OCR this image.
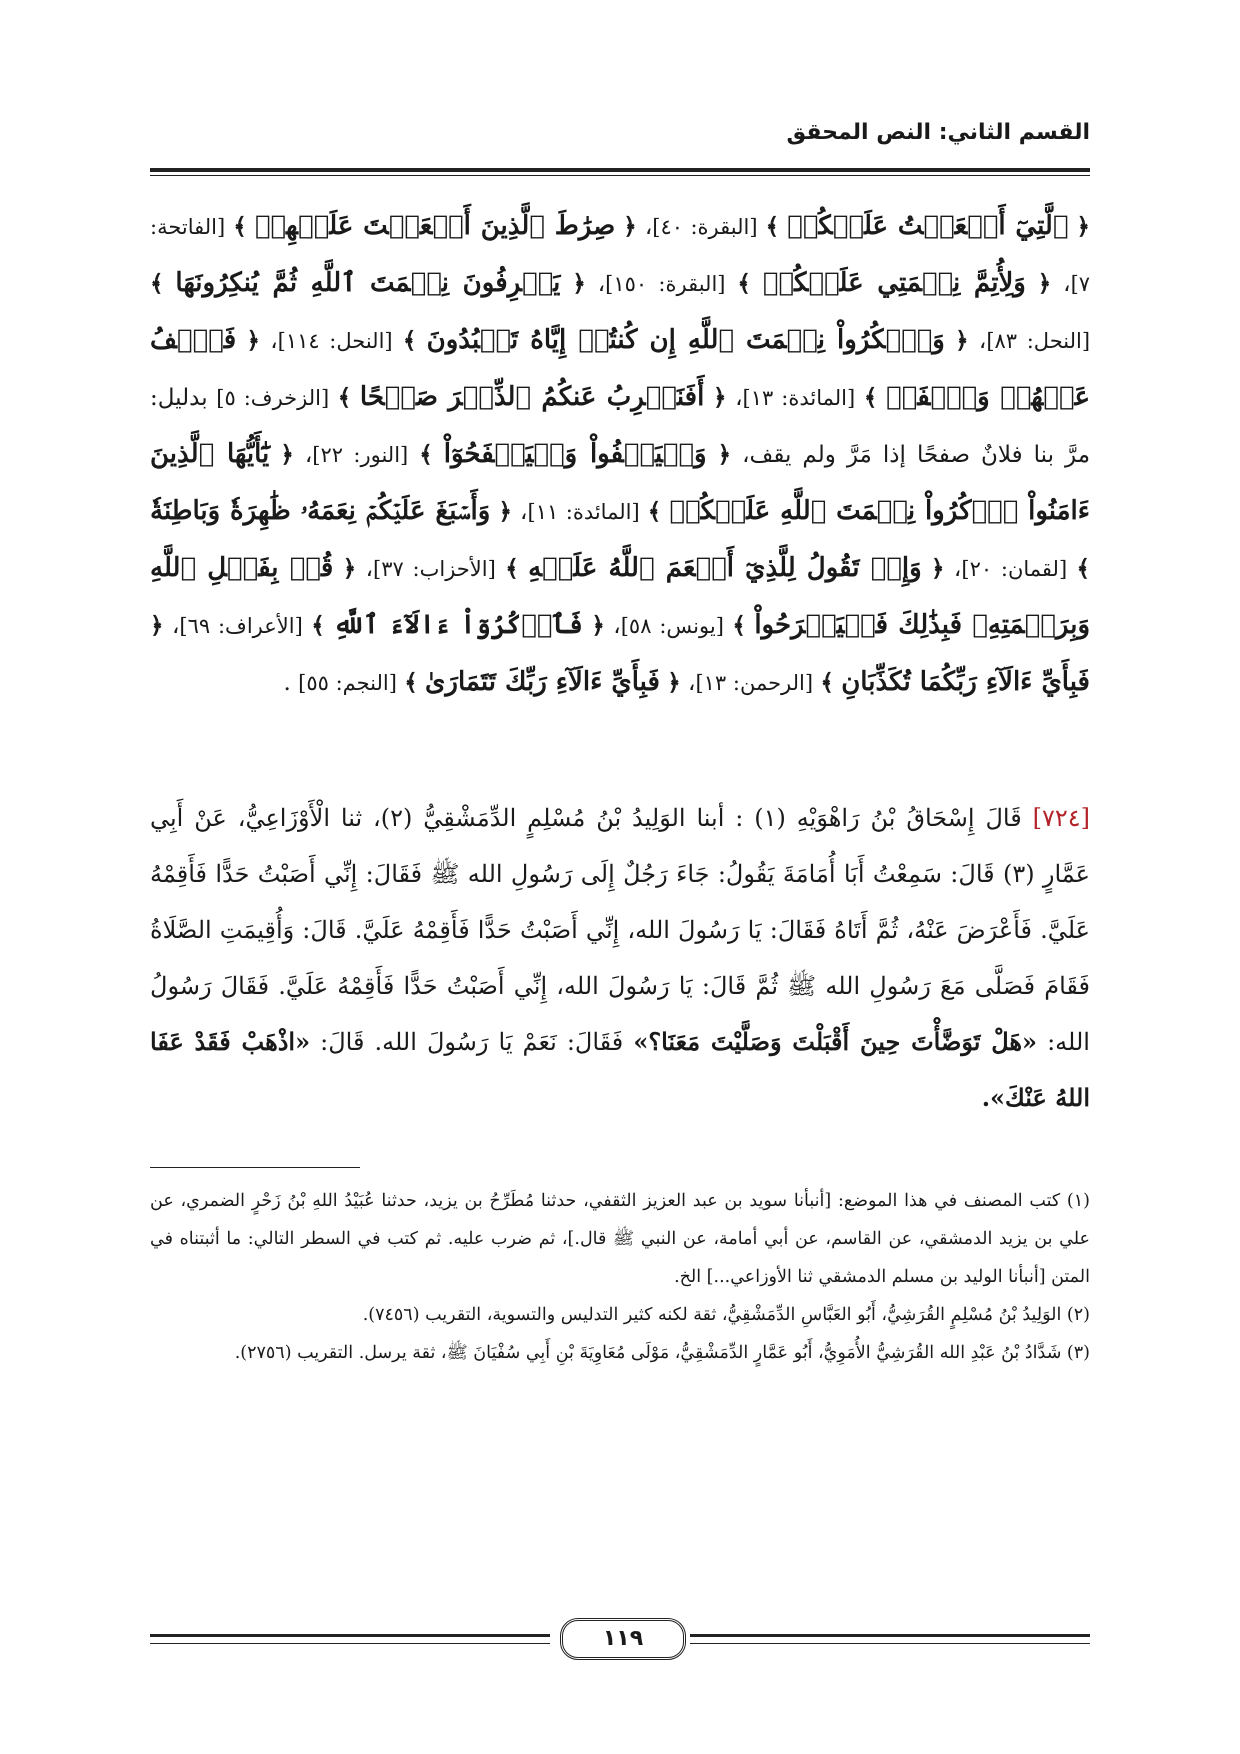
القسم الثاني: النص المحقق
﴿ ٱلَّتِيٓ أَنۡعَمۡتُ عَلَيۡكُمۡ ﴾ [البقرة: ٤٠]، ﴿ صِرَٰطَ ٱلَّذِينَ أَنۡعَمۡتَ عَلَيۡهِمۡ ﴾ [الفاتحة: ٧]، ﴿ وَلِأُتِمَّ نِعۡمَتِي عَلَيۡكُمۡ ﴾ [البقرة: ١٥٠]، ﴿ يَعۡرِفُونَ نِعۡمَتَ ٱللَّهِ ثُمَّ يُنكِرُونَهَا ﴾ [النحل: ٨٣]، ﴿ وَٱشۡكُرُواْ نِعۡمَتَ ٱللَّهِ إِن كُنتُمۡ إِيَّاهُ تَعۡبُدُونَ ﴾ [النحل: ١١٤]، ﴿ فَٱعۡفُ عَنۡهُمۡ وَٱصۡفَحۡ ﴾ [المائدة: ١٣]، ﴿ أَفَنَضۡرِبُ عَنكُمُ ٱلذِّكۡرَ صَفۡحًا ﴾ [الزخرف: ٥] بدليل: مرَّ بنا فلانٌ صفحًا إذا مَرَّ ولم يقف، ﴿ وَلۡيَعۡفُواْ وَلۡيَصۡفَحُوٓاْ ﴾ [النور: ٢٢]، ﴿ يَٰٓأَيُّهَا ٱلَّذِينَ ءَامَنُواْ ٱذۡكُرُواْ نِعۡمَتَ ٱللَّهِ عَلَيۡكُمۡ ﴾ [المائدة: ١١]، ﴿ وَأَسۡبَغَ عَلَيۡكُمۡ نِعَمَهُۥ ظَٰهِرَةٗ وَبَاطِنَةٗ ﴾ [لقمان: ٢٠]، ﴿ وَإِذۡ تَقُولُ لِلَّذِيٓ أَنۡعَمَ ٱللَّهُ عَلَيۡهِ ﴾ [الأحزاب: ٣٧]، ﴿ قُلۡ بِفَضۡلِ ٱللَّهِ وَبِرَحۡمَتِهِۦ فَبِذَٰلِكَ فَلۡيَفۡرَحُواْ ﴾ [يونس: ٥٨]، ﴿ فَٱذۡكُرُوٓاْ ءَالَآءَ ٱللَّهِ ﴾ [الأعراف: ٦٩]، ﴿ فَبِأَيِّ ءَالَآءِ رَبِّكُمَا تُكَذِّبَانِ ﴾ [الرحمن: ١٣]، ﴿ فَبِأَيِّ ءَالَآءِ رَبِّكَ تَتَمَارَىٰ ﴾ [النجم: ٥٥] .
[٧٢٤] قَالَ إِسْحَاقُ بْنُ رَاهْوَيْهِ (١) : أبنا الوَلِيدُ بْنُ مُسْلِمٍ الدِّمَشْقِيُّ (٢)، ثنا الْأَوْزَاعِيُّ، عَنْ أَبِي عَمَّارٍ (٣) قَالَ: سَمِعْتُ أَبَا أُمَامَةَ يَقُولُ: جَاءَ رَجُلٌ إِلَى رَسُولِ الله ﷺ فَقَالَ: إِنِّي أَصَبْتُ حَدًّا فَأَقِمْهُ عَلَيَّ. فَأَعْرَضَ عَنْهُ، ثُمَّ أَتَاهُ فَقَالَ: يَا رَسُولَ الله، إِنِّي أَصَبْتُ حَدًّا فَأَقِمْهُ عَلَيَّ. قَالَ: وَأُقِيمَتِ الصَّلَاةُ فَقَامَ فَصَلَّى مَعَ رَسُولِ الله ﷺ ثُمَّ قَالَ: يَا رَسُولَ الله، إِنِّي أَصَبْتُ حَدًّا فَأَقِمْهُ عَلَيَّ. فَقَالَ رَسُولُ الله: «هَلْ تَوَضَّأْتَ حِينَ أَقْبَلْتَ وَصَلَّيْتَ مَعَنَا؟» فَقَالَ: نَعَمْ يَا رَسُولَ الله. قَالَ: «اذْهَبْ فَقَدْ عَفَا اللهُ عَنْكَ».

(١) كتب المصنف في هذا الموضع: [أنبأنا سويد بن عبد العزيز الثقفي، حدثنا مُطَرِّحُ بن يزيد، حدثنا عُبَيْدُ اللهِ بْنُ زَحْرٍ الضمري، عن علي بن يزيد الدمشقي، عن القاسم، عن أبي أمامة، عن النبي ﷺ قال.]، ثم ضرب عليه. ثم كتب في السطر التالي: ما أثبتناه في المتن [أنبأنا الوليد بن مسلم الدمشقي ثنا الأوزاعي...] الخ.

(٢) الوَلِيدُ بْنُ مُسْلِمٍ القُرَشِيُّ، أَبُو العَبَّاسِ الدِّمَشْقِيُّ، ثقة لكنه كثير التدليس والتسوية، التقريب (٧٤٥٦).

(٣) شَدَّادُ بْنُ عَبْدِ الله القُرَشِيُّ الأُمَوِيُّ، أَبُو عَمَّارٍ الدِّمَشْقِيُّ، مَوْلَى مُعَاوِيَةَ بْنِ أَبِي سُفْيَانَ ﷺ، ثقة يرسل. التقريب (٢٧٥٦).

١١٩
